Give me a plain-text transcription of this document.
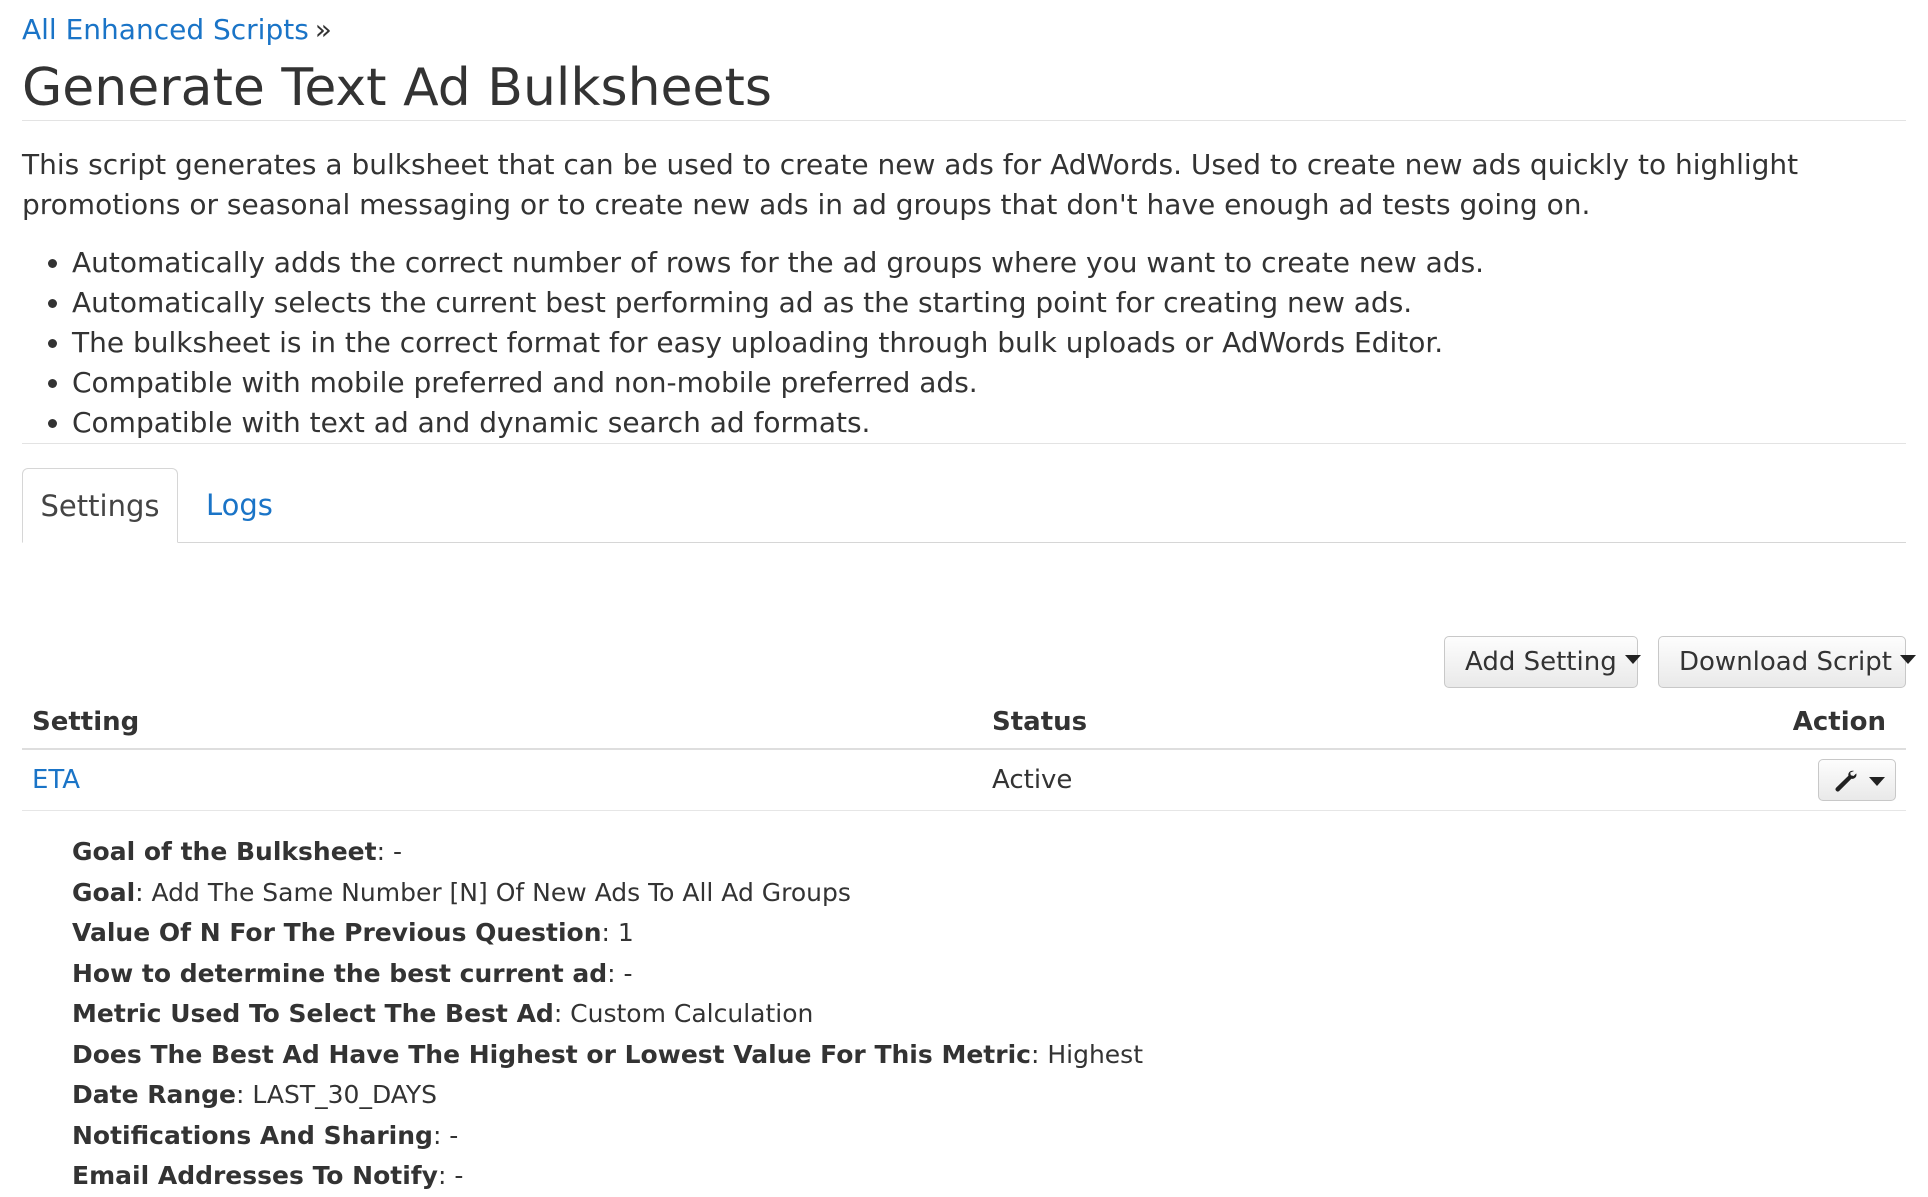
All Enhanced Scripts »
Generate Text Ad Bulksheets

This script generates a bulksheet that can be used to create new ads for AdWords. Used to create new ads quickly to highlight promotions or seasonal messaging or to create new ads in ad groups that don't have enough ad tests going on.

• Automatically adds the correct number of rows for the ad groups where you want to create new ads.
• Automatically selects the current best performing ad as the starting point for creating new ads.
• The bulksheet is in the correct format for easy uploading through bulk uploads or AdWords Editor.
• Compatible with mobile preferred and non-mobile preferred ads.
• Compatible with text ad and dynamic search ad formats.
Settings	Logs
Add Setting	Download Script
Setting	Status	Action
ETA	Active	
Goal of the Bulksheet: -
Goal: Add The Same Number [N] Of New Ads To All Ad Groups
Value Of N For The Previous Question: 1
How to determine the best current ad: -
Metric Used To Select The Best Ad: Custom Calculation
Does The Best Ad Have The Highest or Lowest Value For This Metric: Highest
Date Range: LAST_30_DAYS
Notifications And Sharing: -
Email Addresses To Notify: -
